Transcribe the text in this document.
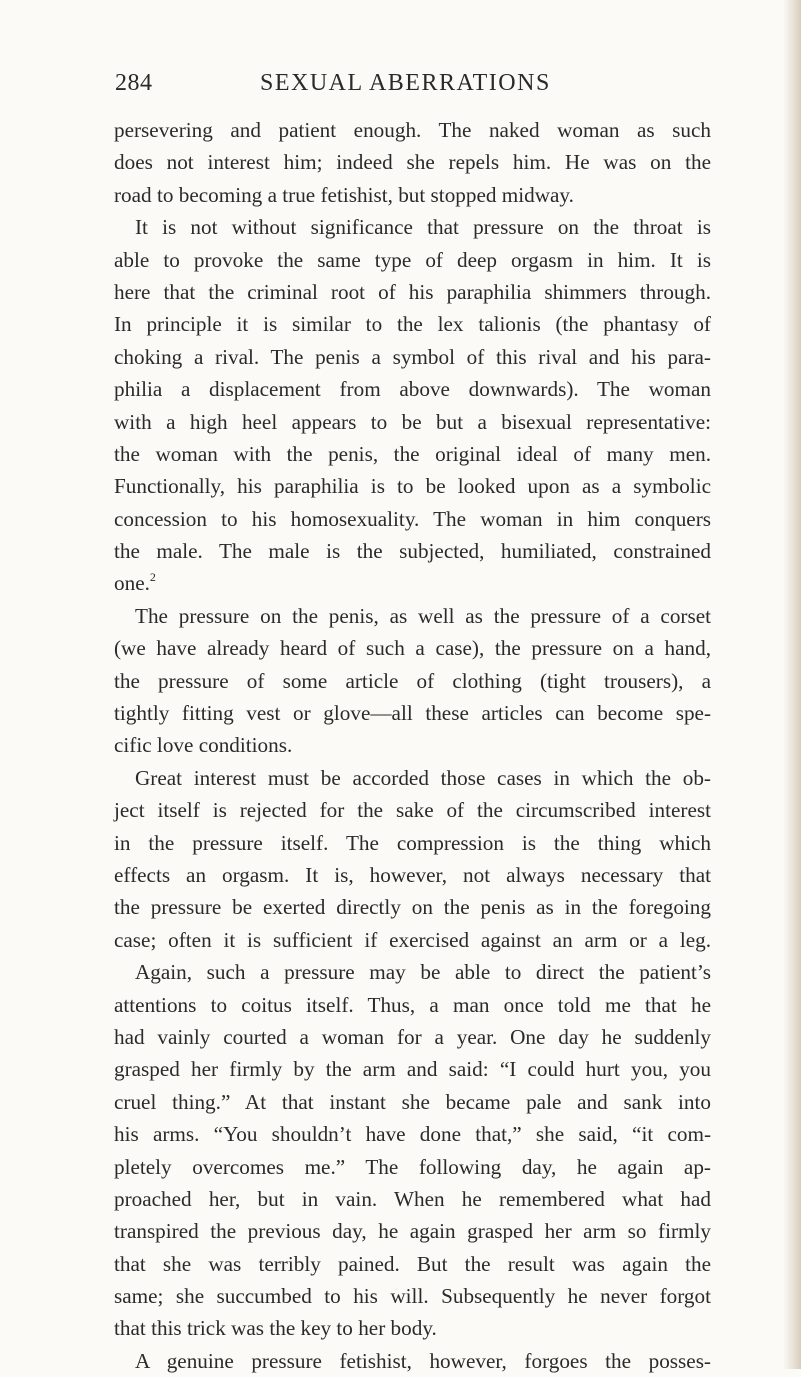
284	SEXUAL ABERRATIONS
persevering and patient enough. The naked woman as such
does not interest him; indeed she repels him. He was on the
road to becoming a true fetishist, but stopped midway.
It is not without significance that pressure on the throat is
able to provoke the same type of deep orgasm in him. It is
here that the criminal root of his paraphilia shimmers through.
In principle it is similar to the lex talionis (the phantasy of
choking a rival. The penis a symbol of this rival and his para-
philia a displacement from above downwards). The woman
with a high heel appears to be but a bisexual representative:
the woman with the penis, the original ideal of many men.
Functionally, his paraphilia is to be looked upon as a symbolic
concession to his homosexuality. The woman in him conquers
the male. The male is the subjected, humiliated, constrained
one.$^2$
The pressure on the penis, as well as the pressure of a corset
(we have already heard of such a case), the pressure on a hand,
the pressure of some article of clothing (tight trousers), a
tightly fitting vest or glove—all these articles can become spe-
cific love conditions.
Great interest must be accorded those cases in which the ob-
ject itself is rejected for the sake of the circumscribed interest
in the pressure itself. The compression is the thing which
effects an orgasm. It is, however, not always necessary that
the pressure be exerted directly on the penis as in the foregoing
case; often it is sufficient if exercised against an arm or a leg.
Again, such a pressure may be able to direct the patient’s
attentions to coitus itself. Thus, a man once told me that he
had vainly courted a woman for a year. One day he suddenly
grasped her firmly by the arm and said: “I could hurt you, you
cruel thing.” At that instant she became pale and sank into
his arms. “You shouldn’t have done that,” she said, “it com-
pletely overcomes me.” The following day, he again ap-
proached her, but in vain. When he remembered what had
transpired the previous day, he again grasped her arm so firmly
that she was terribly pained. But the result was again the
same; she succumbed to his will. Subsequently he never forgot
that this trick was the key to her body.
A genuine pressure fetishist, however, forgoes the posses-
